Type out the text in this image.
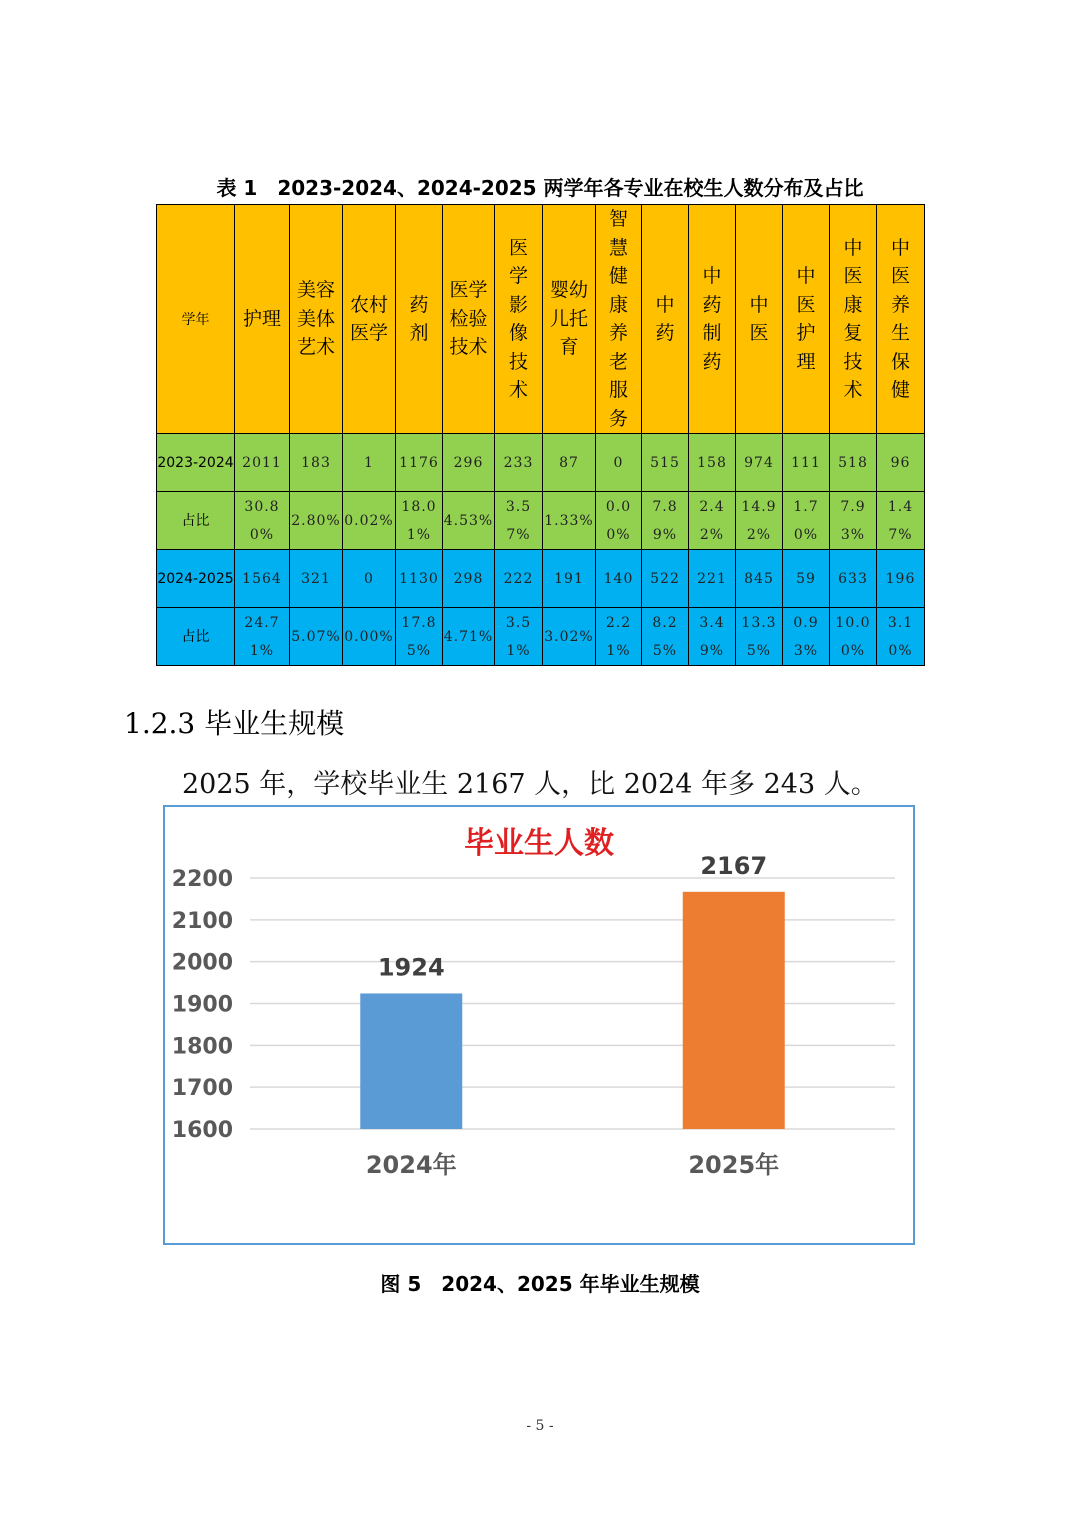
表 1　2023-2024、2024-2025 两学年各专业在校生人数分布及占比
学年	护理	美容美体艺术	农村医学	药剂	医学检验技术	医学影像技术	婴幼儿托育	智慧健康养老服务	中药	中药制药	中医	中医护理	中医康复技术	中医养生保健
2023-2024	2011	183	1	1176	296	233	87	0	515	158	974	111	518	96
占比	30.80%	2.80%	0.02%	18.01%	4.53%	3.57%	1.33%	0.00%	7.89%	2.42%	14.92%	1.70%	7.93%	1.47%
2024-2025	1564	321	0	1130	298	222	191	140	522	221	845	59	633	196
占比	24.71%	5.07%	0.00%	17.85%	4.71%	3.51%	3.02%	2.21%	8.25%	3.49%	13.35%	0.93%	10.00%	3.10%
1.2.3 毕业生规模
2025 年，学校毕业生 2167 人，比 2024 年多 243 人。
毕业生人数
1600
1700
1800
1900
2000
2100
2200
1924
2024年
2167
2025年
图 5　2024、2025 年毕业生规模
- 5 -
